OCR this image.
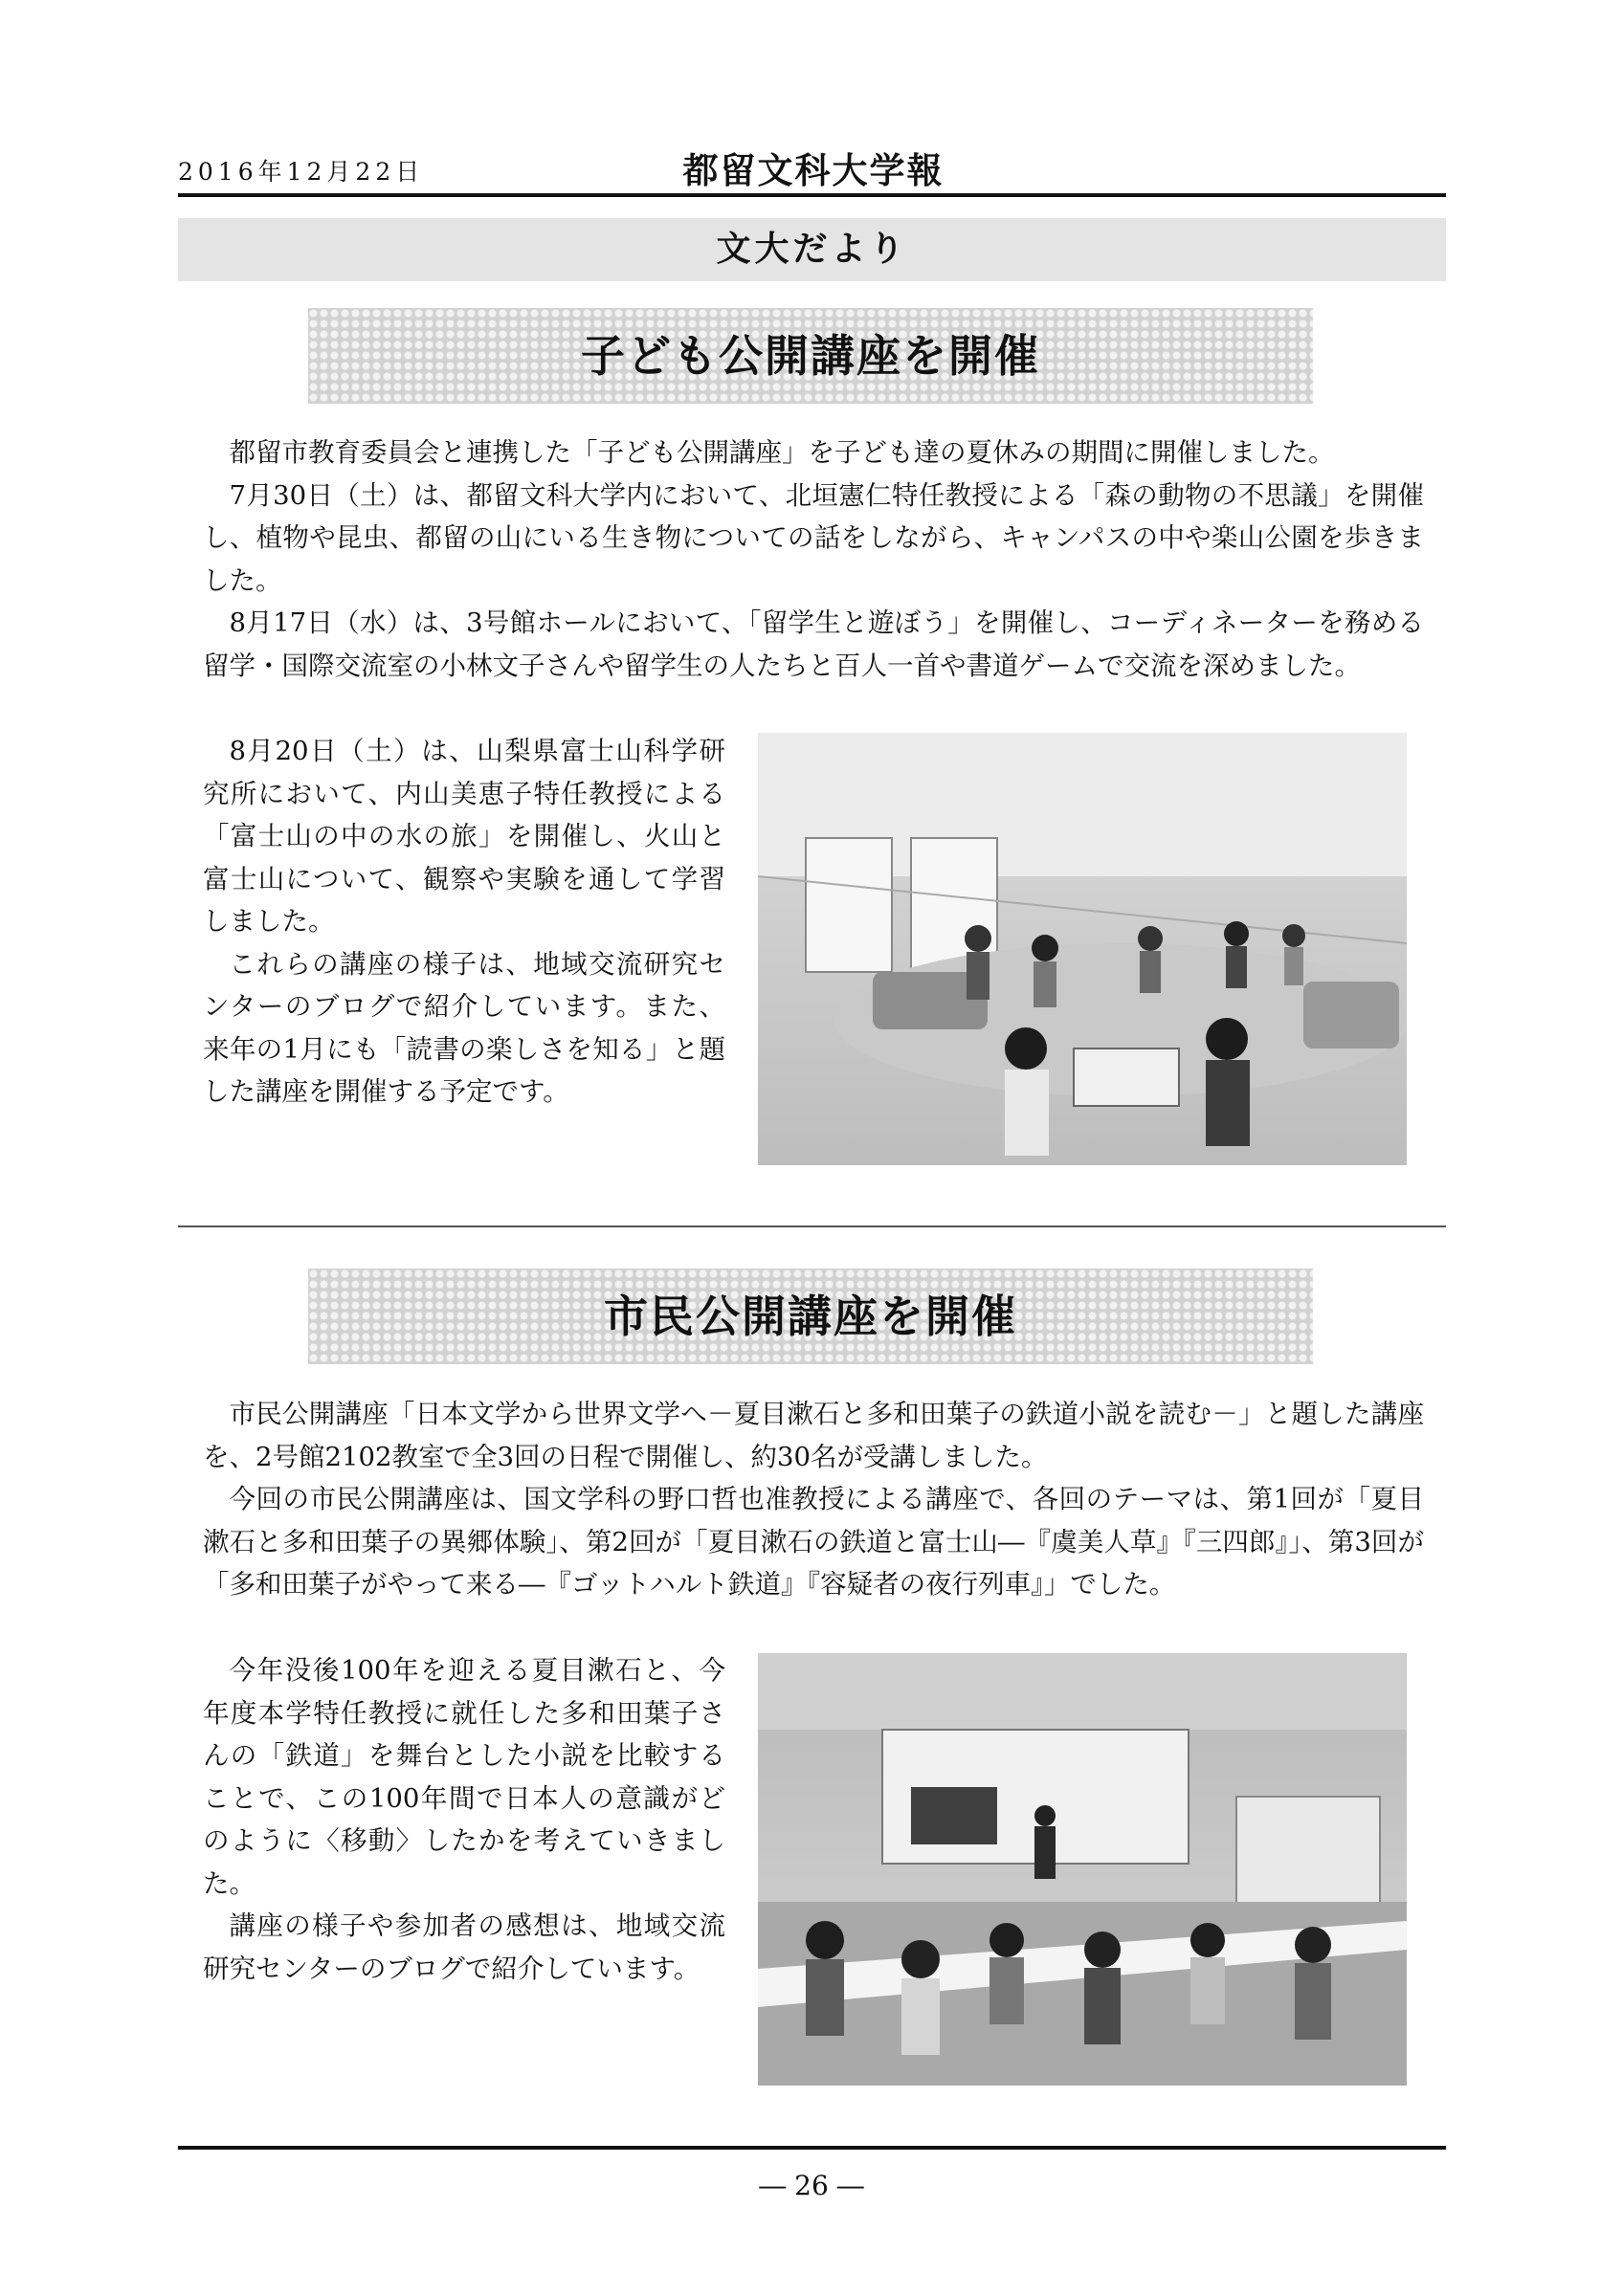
2016年12月22日	都留文科大学報
文大だより
子ども公開講座を開催

都留市教育委員会と連携した「子ども公開講座」を子ども達の夏休みの期間に開催しました。

7月30日（土）は、都留文科大学内において、北垣憲仁特任教授による「森の動物の不思議」を開催し、植物や昆虫、都留の山にいる生き物についての話をしながら、キャンパスの中や楽山公園を歩きました。

8月17日（水）は、3号館ホールにおいて、「留学生と遊ぼう」を開催し、コーディネーターを務める留学・国際交流室の小林文子さんや留学生の人たちと百人一首や書道ゲームで交流を深めました。

8月20日（土）は、山梨県富士山科学研究所において、内山美恵子特任教授による「富士山の中の水の旅」を開催し、火山と富士山について、観察や実験を通して学習しました。

これらの講座の様子は、地域交流研究センターのブログで紹介しています。また、来年の1月にも「読書の楽しさを知る」と題した講座を開催する予定です。

市民公開講座を開催

市民公開講座「日本文学から世界文学へ－夏目漱石と多和田葉子の鉄道小説を読む－」と題した講座を、2号館2102教室で全3回の日程で開催し、約30名が受講しました。

今回の市民公開講座は、国文学科の野口哲也准教授による講座で、各回のテーマは、第1回が「夏目漱石と多和田葉子の異郷体験」、第2回が「夏目漱石の鉄道と富士山―『虞美人草』『三四郎』」、第3回が「多和田葉子がやって来る―『ゴットハルト鉄道』『容疑者の夜行列車』」でした。

今年没後100年を迎える夏目漱石と、今年度本学特任教授に就任した多和田葉子さんの「鉄道」を舞台とした小説を比較することで、この100年間で日本人の意識がどのように〈移動〉したかを考えていきました。

講座の様子や参加者の感想は、地域交流研究センターのブログで紹介しています。

― 26 ―
